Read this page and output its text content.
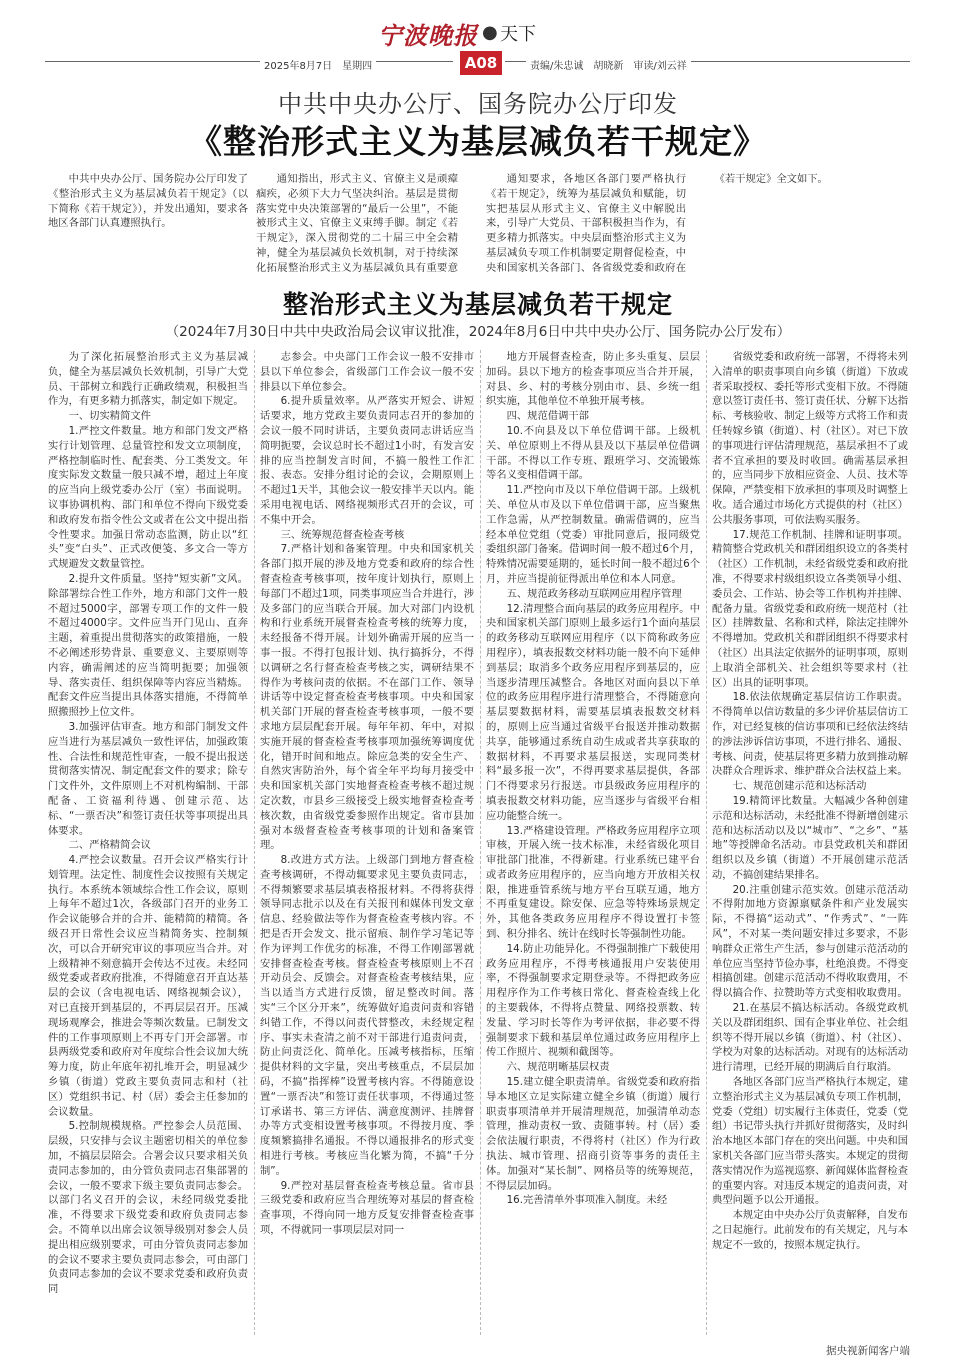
宁波晚报 ● 天下
2025年8月7日　星期四	A08	责编/朱忠诚　胡晓新　审读/刘云祥
中共中央办公厅、国务院办公厅印发
《整治形式主义为基层减负若干规定》

中共中央办公厅、国务院办公厅印发了《整治形式主义为基层减负若干规定》（以下简称《若干规定》），并发出通知，要求各地区各部门认真遵照执行。

通知指出，形式主义、官僚主义是顽瘴痼疾，必须下大力气坚决纠治。基层是贯彻落实党中央决策部署的“最后一公里”，不能被形式主义、官僚主义束缚手脚。制定《若干规定》，深入贯彻党的二十届三中全会精神，健全为基层减负长效机制，对于持续深化拓展整治形式主义为基层减负具有重要意

通知要求，各地区各部门要严格执行《若干规定》，统筹为基层减负和赋能，切实把基层从形式主义、官僚主义中解脱出来，引导广大党员、干部积极担当作为，有更多精力抓落实。中央层面整治形式主义为基层减负专项工作机制要定期督促检查，中央和国家机关各部门、各省级党委和政府在

《若干规定》全文如下。

整治形式主义为基层减负若干规定
（2024年7月30日中共中央政治局会议审议批准，2024年8月6日中共中央办公厅、国务院办公厅发布）

为了深化拓展整治形式主义为基层减负，健全为基层减负长效机制，引导广大党员、干部树立和践行正确政绩观，积极担当作为，有更多精力抓落实，制定如下规定。

一、切实精简文件

1.严控文件数量。地方和部门发文严格实行计划管理、总量管控和发文立项制度，严格控制临时性、配套类、分工类发文。年度实际发文数量一般只减不增，超过上年度的应当向上级党委办公厅（室）书面说明。议事协调机构、部门和单位不得向下级党委和政府发布指令性公文或者在公文中提出指令性要求。加强日常动态监测，防止以“红头”变“白头”、正式改便笺、多文合一等方式规避发文数量管控。

2.提升文件质量。坚持“短实新”文风。除部署综合性工作外，地方和部门文件一般不超过5000字，部署专项工作的文件一般不超过4000字。文件应当开门见山、直奔主题，着重提出贯彻落实的政策措施，一般不必阐述形势背景、重要意义、主要原则等内容，确需阐述的应当简明扼要；加强领导、落实责任、组织保障等内容应当精炼。配套文件应当提出具体落实措施，不得简单照搬照抄上位文件。

3.加强评估审查。地方和部门制发文件应当进行为基层减负一致性评估，加强政策性、合法性和规范性审查，一般不提出报送贯彻落实情况、制定配套文件的要求；除专门文件外，文件原则上不对机构编制、干部配备、工资福利待遇、创建示范、达标、“一票否决”和签订责任状等事项提出具体要求。

二、严格精简会议

4.严控会议数量。召开会议严格实行计划管理。法定性、制度性会议按照有关规定执行。本系统本领域综合性工作会议，原则上每年不超过1次，各级部门召开的业务工作会议能够合并的合并、能精简的精简。各级召开日常性会议应当精简务实、控制频次，可以合开研究审议的事项应当合并。对上级精神不刻意搞开会传达不过夜。未经同级党委或者政府批准，不得随意召开直达基层的会议（含电视电话、网络视频会议），对已直接开到基层的，不再层层召开。压减现场观摩会，推进会等频次数量。已制发文件的工作事项原则上不再专门开会部署。市县两级党委和政府对年度综合性会议加大统筹力度，防止年底年初扎堆开会，明显减少乡镇（街道）党政主要负责同志和村（社区）党组织书记、村（居）委会主任参加的会议数量。

5.控制规模规格。严控参会人员范围、层级，只安排与会议主题密切相关的单位参加，不搞层层陪会。合署会议只要求相关负责同志参加的，由分管负责同志召集部署的会议，一般不要求下级主要负责同志参会。以部门名义召开的会议，未经同级党委批准，不得要求下级党委和政府负责同志参会。不简单以出席会议领导级别对参会人员提出相应级别要求，可由分管负责同志参加的会议不要求主要负责同志参会，可由部门负责同志参加的会议不要求党委和政府负责同

志参会。中央部门工作会议一般不安排市县以下单位参会，省级部门工作会议一般不安排县以下单位参会。

6.提升质量效率。从严落实开短会、讲短话要求，地方党政主要负责同志召开的参加的会议一般不同时讲话，主要负责同志讲话应当简明扼要，会议总时长不超过1小时，有发言安排的应当控制发言时间，不搞一般性工作汇报、表态。安排分组讨论的会议，会期原则上不超过1天半，其他会议一般安排半天以内。能采用电视电话、网络视频形式召开的会议，可不集中开会。

三、统筹规范督查检查考核

7.严格计划和备案管理。中央和国家机关各部门拟开展的涉及地方党委和政府的综合性督查检查考核事项，按年度计划执行，原则上每部门不超过1项，同类事项应当合并进行，涉及多部门的应当联合开展。加大对部门内设机构和行业系统开展督查检查考核的统筹力度，未经报备不得开展。计划外确需开展的应当一事一报。不得打包报计划、执行搞拆分，不得以调研之名行督查检查考核之实，调研结果不得作为考核问责的依据。不在部门工作、领导讲话等中设定督查检查考核事项。中央和国家机关部门开展的督查检查考核事项，一般不要求地方层层配套开展。每年年初、年中，对拟实施开展的督查检查考核事项加强统筹调度优化，错开时间和地点。除应急类的安全生产、自然灾害防治外，每个省全年平均每月接受中央和国家机关部门实地督查检查考核不超过规定次数，市县乡三级接受上级实地督查检查考核次数，由省级党委参照作出规定。省市县加强对本级督查检查考核事项的计划和备案管理。

8.改进方式方法。上级部门到地方督查检查考核调研，不得动辄要求见主要负责同志，不得频繁要求基层填表格报材料。不得将获得领导同志批示以及在有关报刊和媒体刊发文章信息、经验做法等作为督查检查考核内容。不把是否开会发文、批示留痕、制作学习笔记等作为评判工作优劣的标准，不得工作刚部署就安排督查检查考核。督查检查考核原则上不召开动员会、反馈会。对督查检查考核结果，应当以适当方式进行反馈，留足整改时间。落实“三个区分开来”，统筹做好追责问责和容错纠错工作，不得以问责代替整改，未经规定程序、事实未查清之前不对干部进行追责问责，防止问责泛化、简单化。压减考核指标，压缩提供材料的文字量，突出考核重点，不层层加码，不搞“指挥棒”设置考核内容。不得随意设置“一票否决”和签订责任状事项，不得通过签订承诺书、第三方评估、满意度测评、挂牌督办等方式变相设置考核事项。不得按月度、季度频繁搞排名通报。不得以通报排名的形式变相进行考核。考核应当化繁为简，不搞“千分制”。

9.严控对基层督查检查考核总量。省市县三级党委和政府应当合理统筹对基层的督查检查事项，不得向同一地方反复安排督查检查事项，不得就同一事项层层对同一

地方开展督查检查，防止多头重复、层层加码。县以下地方的检查事项应当合并开展，对县、乡、村的考核分别由市、县、乡统一组织实施，其他单位不单独开展考核。

四、规范借调干部

10.不向县及以下单位借调干部。上级机关、单位原则上不得从县及以下基层单位借调干部。不得以工作专班、跟班学习、交流锻炼等名义变相借调干部。

11.严控向市及以下单位借调干部。上级机关、单位从市及以下单位借调干部，应当聚焦工作急需，从严控制数量。确需借调的，应当经本单位党组（党委）审批同意后，报同级党委组织部门备案。借调时间一般不超过6个月，特殊情况需要延期的，延长时间一般不超过6个月，并应当提前征得派出单位和本人同意。

五、规范政务移动互联网应用程序管理

12.清理整合面向基层的政务应用程序。中央和国家机关部门原则上最多运行1个面向基层的政务移动互联网应用程序（以下简称政务应用程序），填表报数交材料功能一般不向下延伸到基层；取消多个政务应用程序到基层的，应当逐步清理压减整合。各地区对面向县以下单位的政务应用程序进行清理整合，不得随意向基层要数据材料，需要基层填表报数交材料的，原则上应当通过省级平台报送并推动数据共享，能够通过系统自动生成或者共享获取的数据材料，不再要求基层报送，实现同类材料“最多报一次”，不得再要求基层提供，各部门不得要求另行报送。市县级政务应用程序的填表报数交材料功能，应当逐步与省级平台相应功能整合统一。

13.严格建设管理。严格政务应用程序立项审核，开展入统一技术标准，未经省级化项目审批部门批准，不得新建。行业系统已建平台或者政务应用程序的，应当向地方开放相关权限，推进垂管系统与地方平台互联互通，地方不再重复建设。除安保、应急等特殊场景规定外，其他各类政务应用程序不得设置打卡签到、积分排名、统计在线时长等强制性功能。

14.防止功能异化。不得强制推广下载使用政务应用程序，不得考核通报用户安装使用率，不得强制要求定期登录等。不得把政务应用程序作为工作考核日常化、督查检查线上化的主要载体，不得将点赞量、网络投票数、转发量、学习时长等作为考评依据，非必要不得强制要求下载和基层单位通过政务应用程序上传工作照片、视频和截图等。

六、规范明晰基层权责

15.建立健全职责清单。省级党委和政府指导本地区立足实际建立健全乡镇（街道）履行职责事项清单并开展清理规范，加强清单动态管理，推动责权一致、责随事转。村（居）委会依法履行职责，不得将村（社区）作为行政执法、城市管理、招商引资等事务的责任主体。加强对“某长制”、网格员等的统筹规范，不得层层加码。

16.完善清单外事项准入制度。未经

省级党委和政府统一部署，不得将未列入清单的职责事项自向乡镇（街道）下放或者采取授权、委托等形式变相下放。不得随意以签订责任书、签订责任状、分解下达指标、考核验收、制定上级等方式将工作和责任转嫁乡镇（街道）、村（社区）。对已下放的事项进行评估清理规范，基层承担不了或者不宜承担的要及时收回。确需基层承担的，应当同步下放相应资金、人员、技术等保障，严禁变相下放承担的事项及时调整上收。适合通过市场化方式提供的村（社区）公共服务事项，可依法购买服务。

17.规范工作机制、挂牌和证明事项。精简整合党政机关和群团组织设立的各类村（社区）工作机制，未经省级党委和政府批准，不得要求村级组织设立各类领导小组、委员会、工作站、协会等工作机构并挂牌、配备力量。省级党委和政府统一规范村（社区）挂牌数量、名称和式样，除法定挂牌外不得增加。党政机关和群团组织不得要求村（社区）出具法定依据外的证明事项，原则上取消全部机关、社会组织等要求村（社区）出具的证明事项。

18.依法依规确定基层信访工作职责。不得简单以信访数量的多少评价基层信访工作，对已经复核的信访事项和已经依法终结的涉法涉诉信访事项，不进行排名、通报、考核、问责，使基层将更多精力放到推动解决群众合理诉求、维护群众合法权益上来。

七、规范创建示范和达标活动

19.精简评比数量。大幅减少各种创建示范和达标活动，未经批准不得新增创建示范和达标活动以及以“城市”、“之乡”、“基地”等授牌命名活动。市县党政机关和群团组织以及乡镇（街道）不开展创建示范活动，不搞创建结果排名。

20.注重创建示范实效。创建示范活动不得附加地方资源禀赋条件和产业发展实际，不得搞“运动式”、“作秀式”、“一阵风”，不对某一类问题安排过多要求，不影响群众正常生产生活，参与创建示范活动的单位应当坚持节俭办事，杜绝浪费。不得变相搞创建。创建示范活动不得收取费用，不得以搞合作、拉赞助等方式变相收取费用。

21.在基层不搞达标活动。各级党政机关以及群团组织、国有企事业单位、社会组织等不得开展以乡镇（街道）、村（社区）、学校为对象的达标活动。对现有的达标活动进行清理，已经开展的期满后自行取消。

各地区各部门应当严格执行本规定，建立整治形式主义为基层减负专项工作机制，党委（党组）切实履行主体责任，党委（党组）书记带头执行并抓好贯彻落实，及时纠治本地区本部门存在的突出问题。中央和国家机关各部门应当带头落实。本规定的贯彻落实情况作为巡视巡察、新闻媒体监督检查的重要内容。对违反本规定的追责问责，对典型问题予以公开通报。

本规定由中央办公厅负责解释，自发布之日起施行。此前发布的有关规定，凡与本规定不一致的，按照本规定执行。

据央视新闻客户端
